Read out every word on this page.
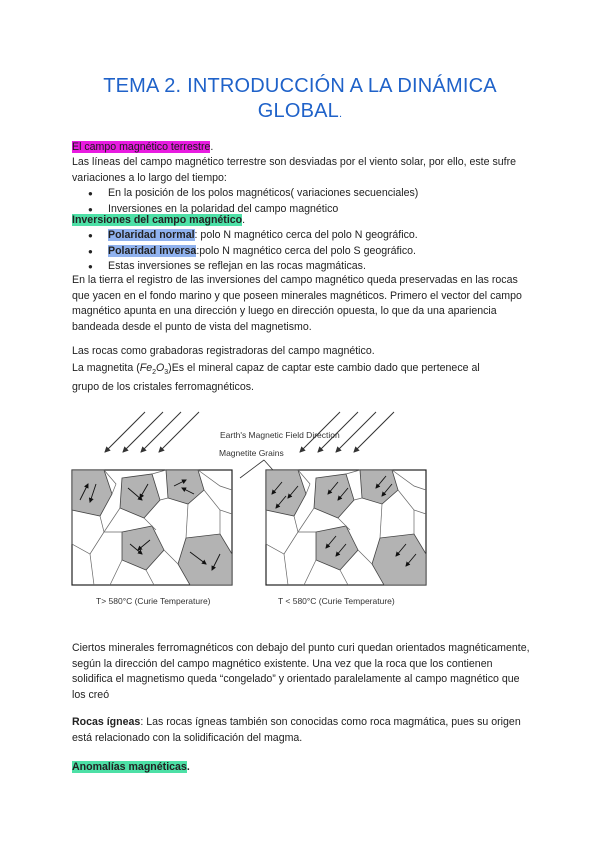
TEMA 2. INTRODUCCIÓN A LA DINÁMICA
GLOBAL.
El campo magnético terrestre.
Las líneas del campo magnético terrestre son desviadas por el viento solar, por ello, este sufre variaciones a lo largo del tiempo:
● En la posición de los polos magnéticos( variaciones secuenciales)
● Inversiones en la polaridad del campo magnético
Inversiones del campo magnético.
● Polaridad normal: polo N magnético cerca del polo N geográfico.
● Polaridad inversa:polo N magnético cerca del polo S geográfico.
● Estas inversiones se reflejan en las rocas magmáticas.
En la tierra el registro de las inversiones del campo magnético queda preservadas en las rocas que yacen en el fondo marino y que poseen minerales magnéticos. Primero el vector del campo magnético apunta en una dirección y luego en dirección opuesta, lo que da una apariencia bandeada desde el punto de vista del magnetismo.
Las rocas como grabadoras registradoras del campo magnético.
La magnetita $(Fe_2O_3)Es$ el mineral capaz de captar este cambio dado que pertenece al
grupo de los cristales ferromagnéticos.
Earth's Magnetic Field Direction
Magnetite Grains
T> 580°C (Curie Temperature)	T < 580°C (Curie Temperature)
Ciertos minerales ferromagnéticos con debajo del punto curi quedan orientados magnéticamente, según la dirección del campo magnético existente. Una vez que la roca que los contienen solidifica el magnetismo queda “congelado” y orientado paralelamente al campo magnético que los creó
Rocas ígneas: Las rocas ígneas también son conocidas como roca magmática, pues su origen está relacionado con la solidificación del magma.
Anomalías magnéticas.
